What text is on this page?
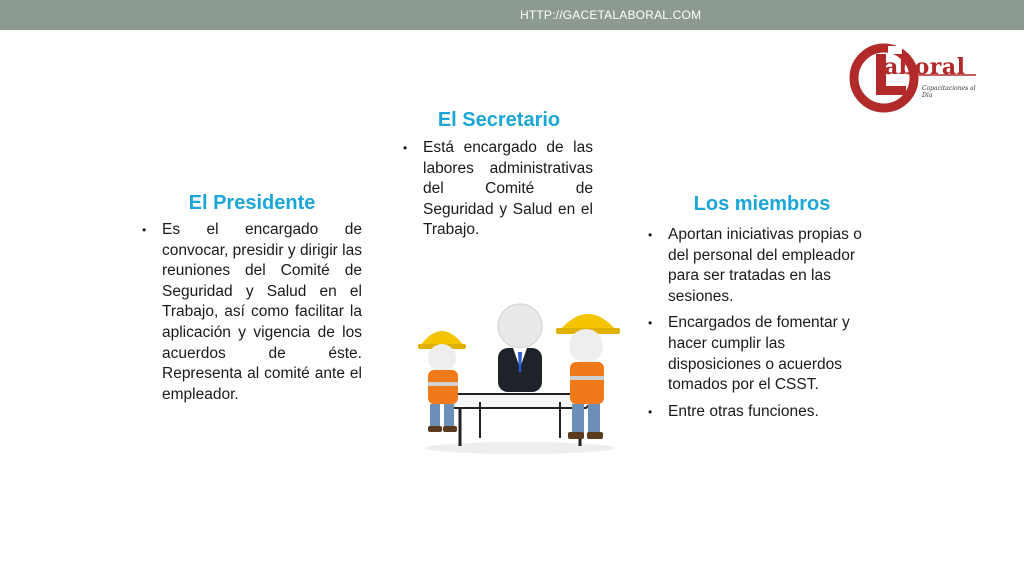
HTTP://GACETALABORAL.COM
aboral
Capacitaciones al Día
El Secretario
• Está encargado de las labores administrativas del Comité de Seguridad y Salud en el Trabajo.
El Presidente
• Es el encargado de convocar, presidir y dirigir las reuniones del Comité de Seguridad y Salud en el Trabajo, así como facilitar la aplicación y vigencia de los acuerdos de éste. Representa al comité ante el empleador.
Los miembros
• Aportan iniciativas propias o del personal del empleador para ser tratadas en las sesiones.
• Encargados de fomentar y hacer cumplir las disposiciones o acuerdos tomados por el CSST.
• Entre otras funciones.
